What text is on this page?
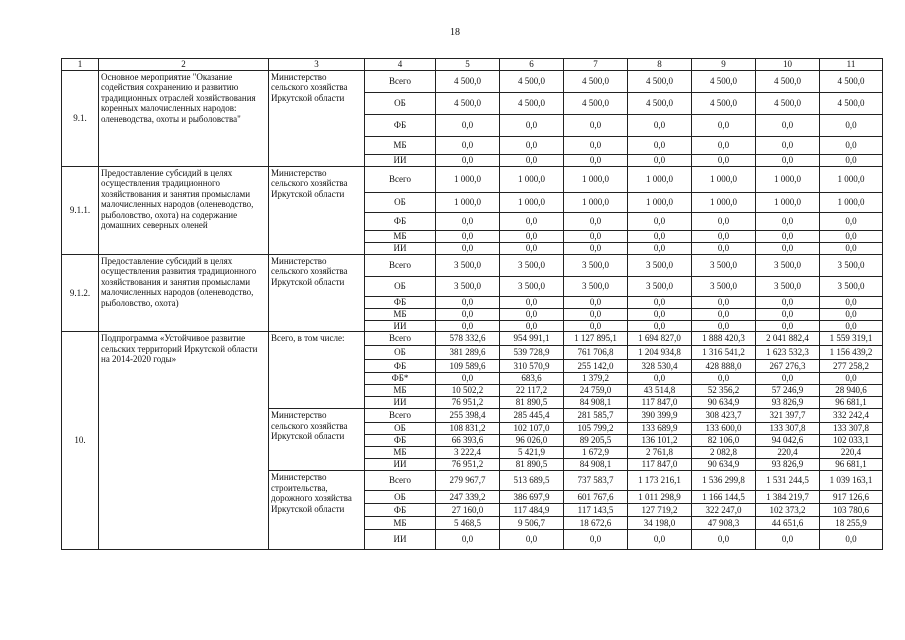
18
1	2	3	4	5	6	7	8	9	10	11
9.1.	Основное мероприятие "Оказание содействия сохранению и развитию традиционных отраслей хозяйствования коренных малочисленных народов: оленеводства, охоты и рыболовства"	Министерство сельского хозяйства Иркутской области	Всего	4 500,0	4 500,0	4 500,0	4 500,0	4 500,0	4 500,0	4 500,0
			ОБ	4 500,0	4 500,0	4 500,0	4 500,0	4 500,0	4 500,0	4 500,0
			ФБ	0,0	0,0	0,0	0,0	0,0	0,0	0,0
			МБ	0,0	0,0	0,0	0,0	0,0	0,0	0,0
			ИИ	0,0	0,0	0,0	0,0	0,0	0,0	0,0
9.1.1.	Предоставление субсидий в целях осуществления традиционного хозяйствования и занятия промыслами малочисленных народов (оленеводство, рыболовство, охота) на содержание домашних северных оленей	Министерство сельского хозяйства Иркутской области	Всего	1 000,0	1 000,0	1 000,0	1 000,0	1 000,0	1 000,0	1 000,0
			ОБ	1 000,0	1 000,0	1 000,0	1 000,0	1 000,0	1 000,0	1 000,0
			ФБ	0,0	0,0	0,0	0,0	0,0	0,0	0,0
			МБ	0,0	0,0	0,0	0,0	0,0	0,0	0,0
			ИИ	0,0	0,0	0,0	0,0	0,0	0,0	0,0
9.1.2.	Предоставление субсидий в целях осуществления развития традиционного хозяйствования и занятия промыслами малочисленных народов (оленеводство, рыболовство, охота)	Министерство сельского хозяйства Иркутской области	Всего	3 500,0	3 500,0	3 500,0	3 500,0	3 500,0	3 500,0	3 500,0
			ОБ	3 500,0	3 500,0	3 500,0	3 500,0	3 500,0	3 500,0	3 500,0
			ФБ	0,0	0,0	0,0	0,0	0,0	0,0	0,0
			МБ	0,0	0,0	0,0	0,0	0,0	0,0	0,0
			ИИ	0,0	0,0	0,0	0,0	0,0	0,0	0,0
10.	Подпрограмма «Устойчивое развитие сельских территорий Иркутской области на 2014-2020 годы»	Всего, в том числе:	Всего	578 332,6	954 991,1	1 127 895,1	1 694 827,0	1 888 420,3	2 041 882,4	1 559 319,1
			ОБ	381 289,6	539 728,9	761 706,8	1 204 934,8	1 316 541,2	1 623 532,3	1 156 439,2
			ФБ	109 589,6	310 570,9	255 142,0	328 530,4	428 888,0	267 276,3	277 258,2
			ФБ*	0,0	683,6	1 379,2	0,0	0,0	0,0	0,0
			МБ	10 502,2	22 117,2	24 759,0	43 514,8	52 356,2	57 246,9	28 940,6
			ИИ	76 951,2	81 890,5	84 908,1	117 847,0	90 634,9	93 826,9	96 681,1
		Министерство сельского хозяйства Иркутской области	Всего	255 398,4	285 445,4	281 585,7	390 399,9	308 423,7	321 397,7	332 242,4
			ОБ	108 831,2	102 107,0	105 799,2	133 689,9	133 600,0	133 307,8	133 307,8
			ФБ	66 393,6	96 026,0	89 205,5	136 101,2	82 106,0	94 042,6	102 033,1
			МБ	3 222,4	5 421,9	1 672,9	2 761,8	2 082,8	220,4	220,4
			ИИ	76 951,2	81 890,5	84 908,1	117 847,0	90 634,9	93 826,9	96 681,1
		Министерство строительства, дорожного хозяйства Иркутской области	Всего	279 967,7	513 689,5	737 583,7	1 173 216,1	1 536 299,8	1 531 244,5	1 039 163,1
			ОБ	247 339,2	386 697,9	601 767,6	1 011 298,9	1 166 144,5	1 384 219,7	917 126,6
			ФБ	27 160,0	117 484,9	117 143,5	127 719,2	322 247,0	102 373,2	103 780,6
			МБ	5 468,5	9 506,7	18 672,6	34 198,0	47 908,3	44 651,6	18 255,9
			ИИ	0,0	0,0	0,0	0,0	0,0	0,0	0,0
